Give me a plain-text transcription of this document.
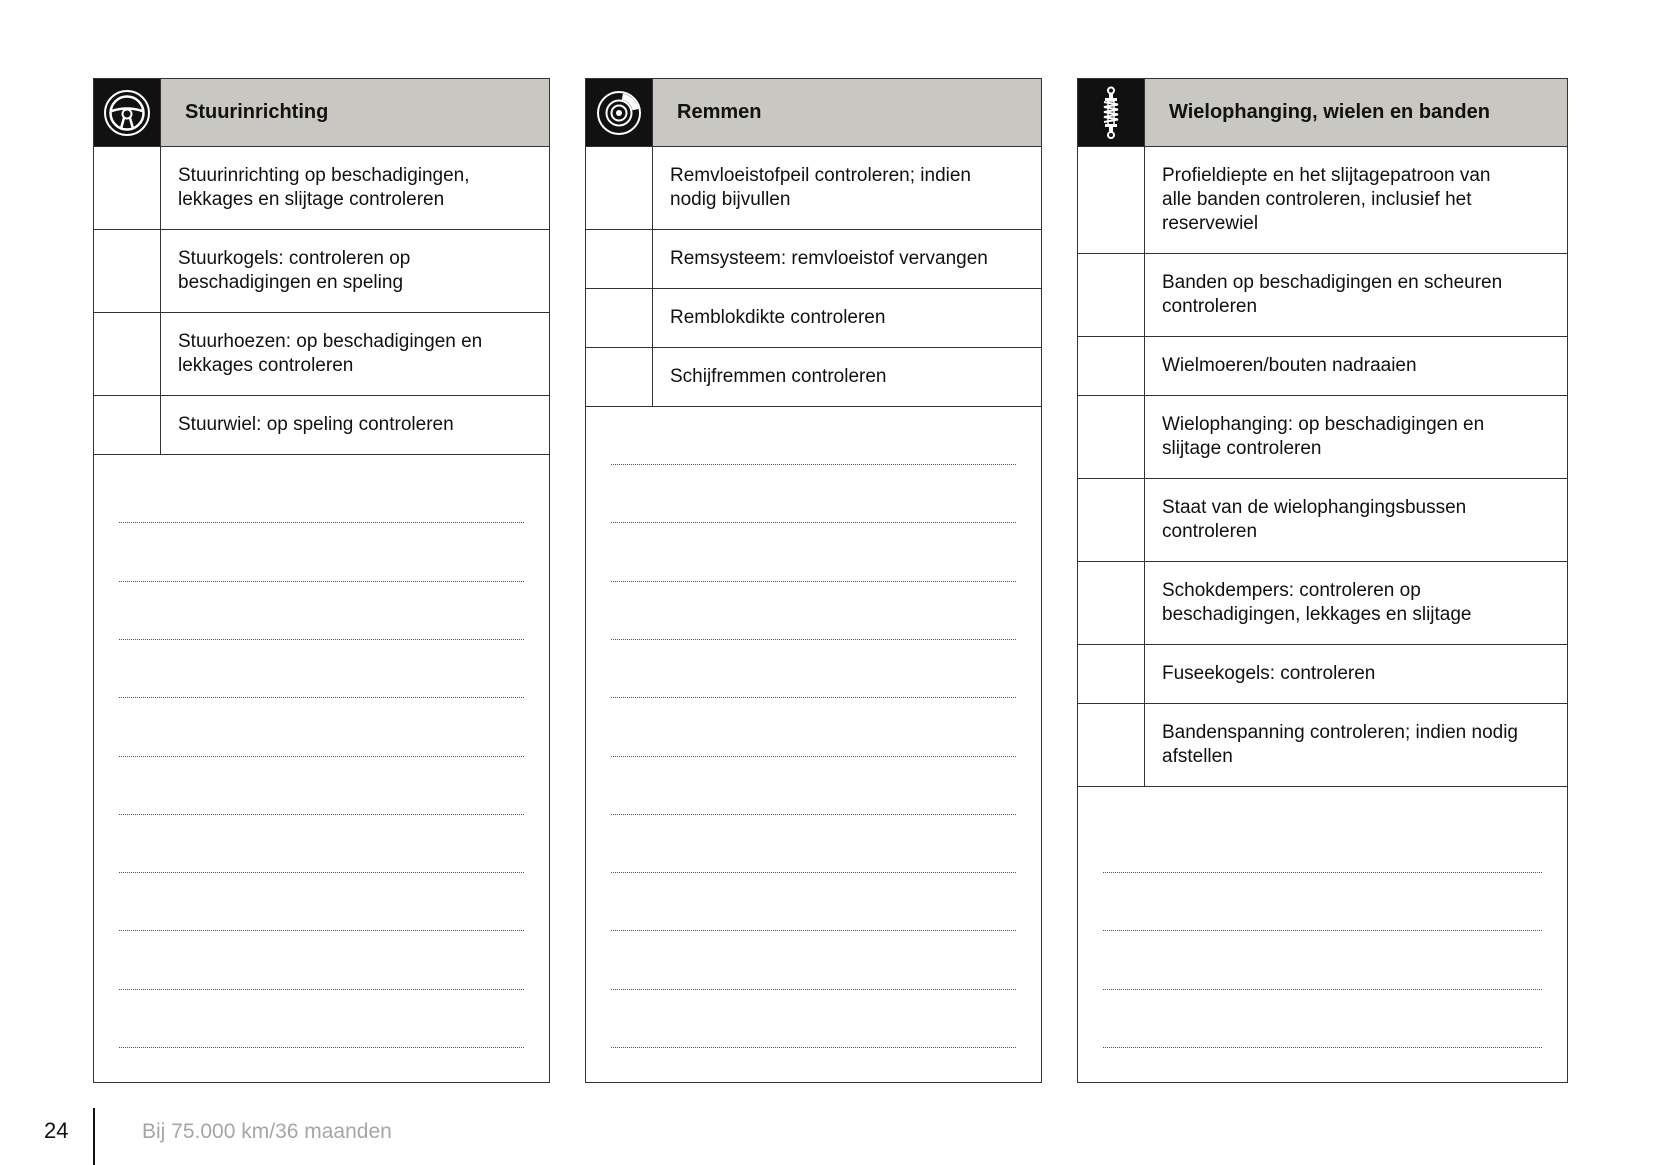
Stuurinrichting
Stuurinrichting op beschadigingen,
lekkages en slijtage controleren
Stuurkogels: controleren op
beschadigingen en speling
Stuurhoezen: op beschadigingen en
lekkages controleren
Stuurwiel: op speling controleren
Remmen
Remvloeistofpeil controleren; indien
nodig bijvullen
Remsysteem: remvloeistof vervangen
Remblokdikte controleren
Schijfremmen controleren
Wielophanging, wielen en banden
Profieldiepte en het slijtagepatroon van
alle banden controleren, inclusief het
reservewiel
Banden op beschadigingen en scheuren
controleren
Wielmoeren/bouten nadraaien
Wielophanging: op beschadigingen en
slijtage controleren
Staat van de wielophangingsbussen
controleren
Schokdempers: controleren op
beschadigingen, lekkages en slijtage
Fuseekogels: controleren
Bandenspanning controleren; indien nodig
afstellen
24	Bij 75.000 km/36 maanden
